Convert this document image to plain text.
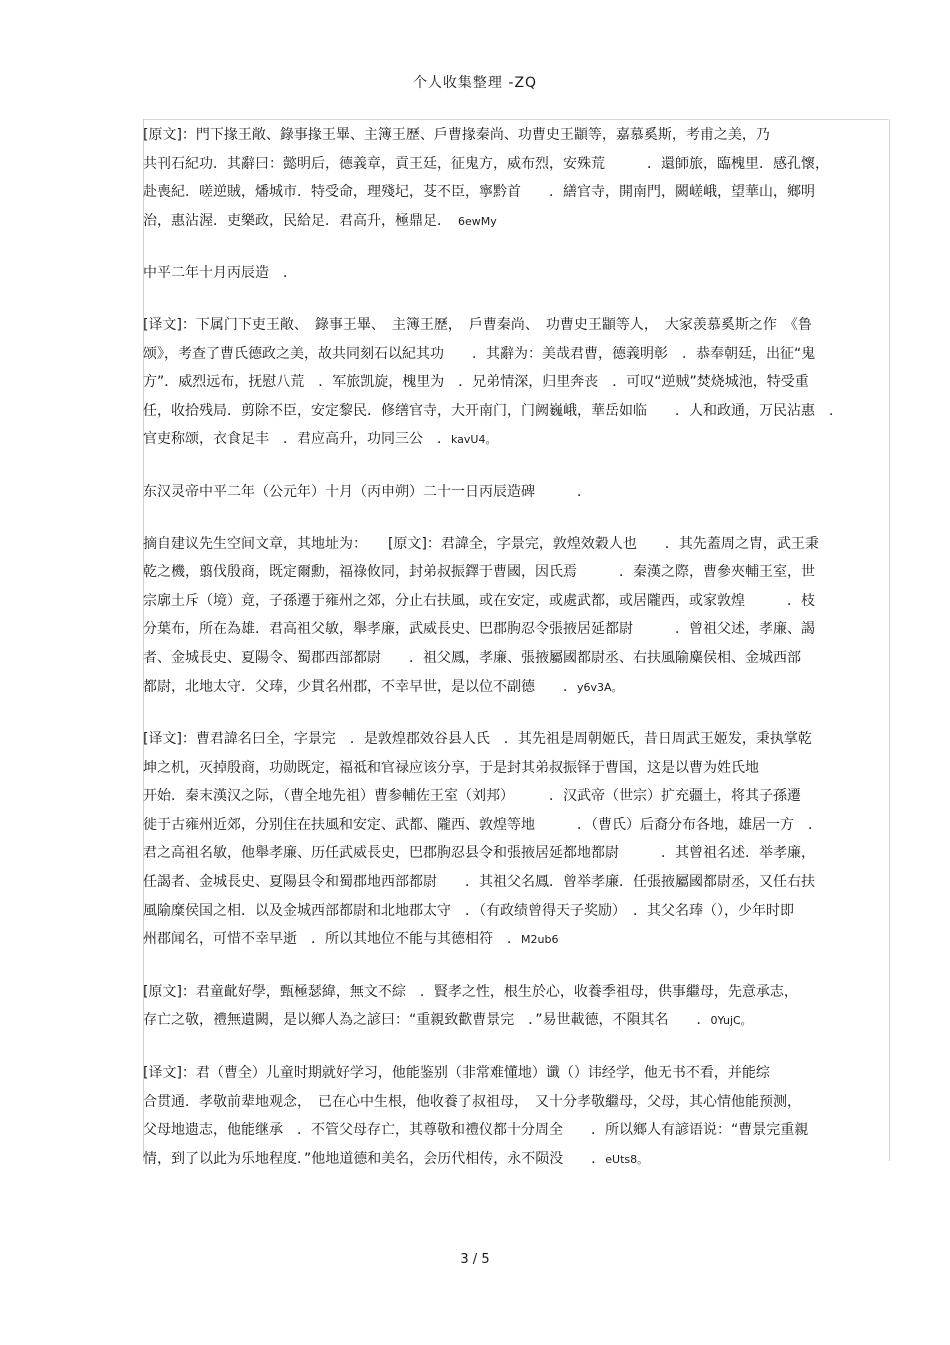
个人收集整理 -ZQ
[原文]：門下掾王敞、錄事掾王畢、主簿王歷、戶曹掾秦尚、功曹史王顓等，嘉慕奚斯，考甫之美，乃
共刊石紀功．其辭曰：懿明后，德義章，貢王廷，征鬼方，威布烈，安殊荒　　　．還師旅，臨槐里．感孔懷，
赴喪紀．嗟逆賊，燔城市．特受命，理殘圮，芟不臣，寧黔首　　．繕官寺，開南門，闕嵯峨，望華山，鄉明
治，惠沾渥．吏樂政，民給足．君高升，極鼎足．　6ewMy
中平二年十月丙辰造　．
[译文]：下属门下吏王敞、　錄事王畢、　主簿王歷，　戶曹秦尚、　功曹史王顓等人，　大家羡慕奚斯之作　《鲁
颂》，考查了曹氏德政之美，故共同刻石以紀其功　　．其辭为：美哉君曹，德義明彰　．恭奉朝廷，出征“鬼
方”．威烈远布，抚慰八荒　．军旅凯旋，槐里为　．兄弟情深，归里奔丧　．可叹“逆贼”焚烧城池，特受重
任，收拾残局．剪除不臣，安定黎民．修缮官寺，大开南门，门阙巍峨，華岳如临　　．人和政通，万民沾惠　．
官吏称颂，衣食足丰　．君应高升，功同三公　．kavU4。
东汉灵帝中平二年（公元年）十月（丙申朔）二十一日丙辰造碑　　　．
摘自建议先生空间文章，其地址为：　　[原文]：君諱全，字景完，敦煌效穀人也　　．其先蓋周之胄，武王秉
乾之機，翦伐殷商，既定爾勳，福祿攸同，封弟叔振鐸于曹國，因氏焉　　　．秦漢之際，曹參夾輔王室，世
宗廓土斥（境）竟，子孫遷于雍州之郊，分止右扶風，或在安定，或處武都，或居隴西，或家敦煌　　　．枝
分葉布，所在為雄．君高祖父敏，舉孝廉，武威長史、巴郡朐忍令張掖居延都尉　　　．曾祖父述，孝廉、謁
者、金城長史、夏陽令、蜀郡西部都尉　　．祖父鳳，孝廉、張掖屬國都尉丞、右扶風隃麋侯相、金城西部
都尉，北地太守．父琫，少貫名州郡，不幸早世，是以位不副德　　．y6v3A。
[译文]：曹君諱名曰全，字景完　．是敦煌郡效谷县人氏　．其先祖是周朝姬氏，昔日周武王姬发，秉执掌乾
坤之机，灭掉殷商，功勋既定，福祗和官禄应该分享，于是封其弟叔振铎于曹国，这是以曹为姓氏地
开始．秦末漢汉之际，（曹全地先祖）曹参輔佐王室（刘邦）　　　．汉武帝（世宗）扩充疆土，将其子孫遷
徙于古雍州近郊，分别住在扶風和安定、武都、隴西、敦煌等地　　　．（曹氏）后裔分布各地，雄居一方　．
君之高祖名敏，他舉孝廉、历任武威長史，巴郡朐忍县令和張掖居延都地都尉　　　．其曾祖名述．举孝廉，
任謁者、金城長史、夏陽县令和蜀郡地西部都尉　　．其祖父名鳳．曾举孝廉．任張掖屬國都尉丞，又任右扶
風隃糜侯国之相．以及金城西部都尉和北地郡太守　．（有政绩曾得天子奖励）　．其父名琫（），少年时即
州郡闻名，可惜不幸早逝　．所以其地位不能与其德相符　．M2ub6
[原文]：君童齔好學，甄極瑟緯，無文不綜　．賢孝之性，根生於心，收養季祖母，供事繼母，先意承志，
存亡之敬，禮無遺闕，是以鄉人為之諺曰：“重親致歡曹景完　．”易世載德，不隕其名　　．0YujC。
[译文]：君（曹全）儿童时期就好学习，他能鉴别（非常难懂地）谶（）讳经学，他无书不看，并能综
合贯通．孝敬前辈地观念，　已在心中生根，他收養了叔祖母，　又十分孝敬繼母，父母，其心情他能预测，
父母地遗志，他能继承　．不管父母存亡，其尊敬和禮仪都十分周全　　．所以鄉人有諺语说：“曹景完重親
情，到了以此为乐地程度．”他地道德和美名，会历代相传，永不陨没　　．eUts8。
3 / 5
